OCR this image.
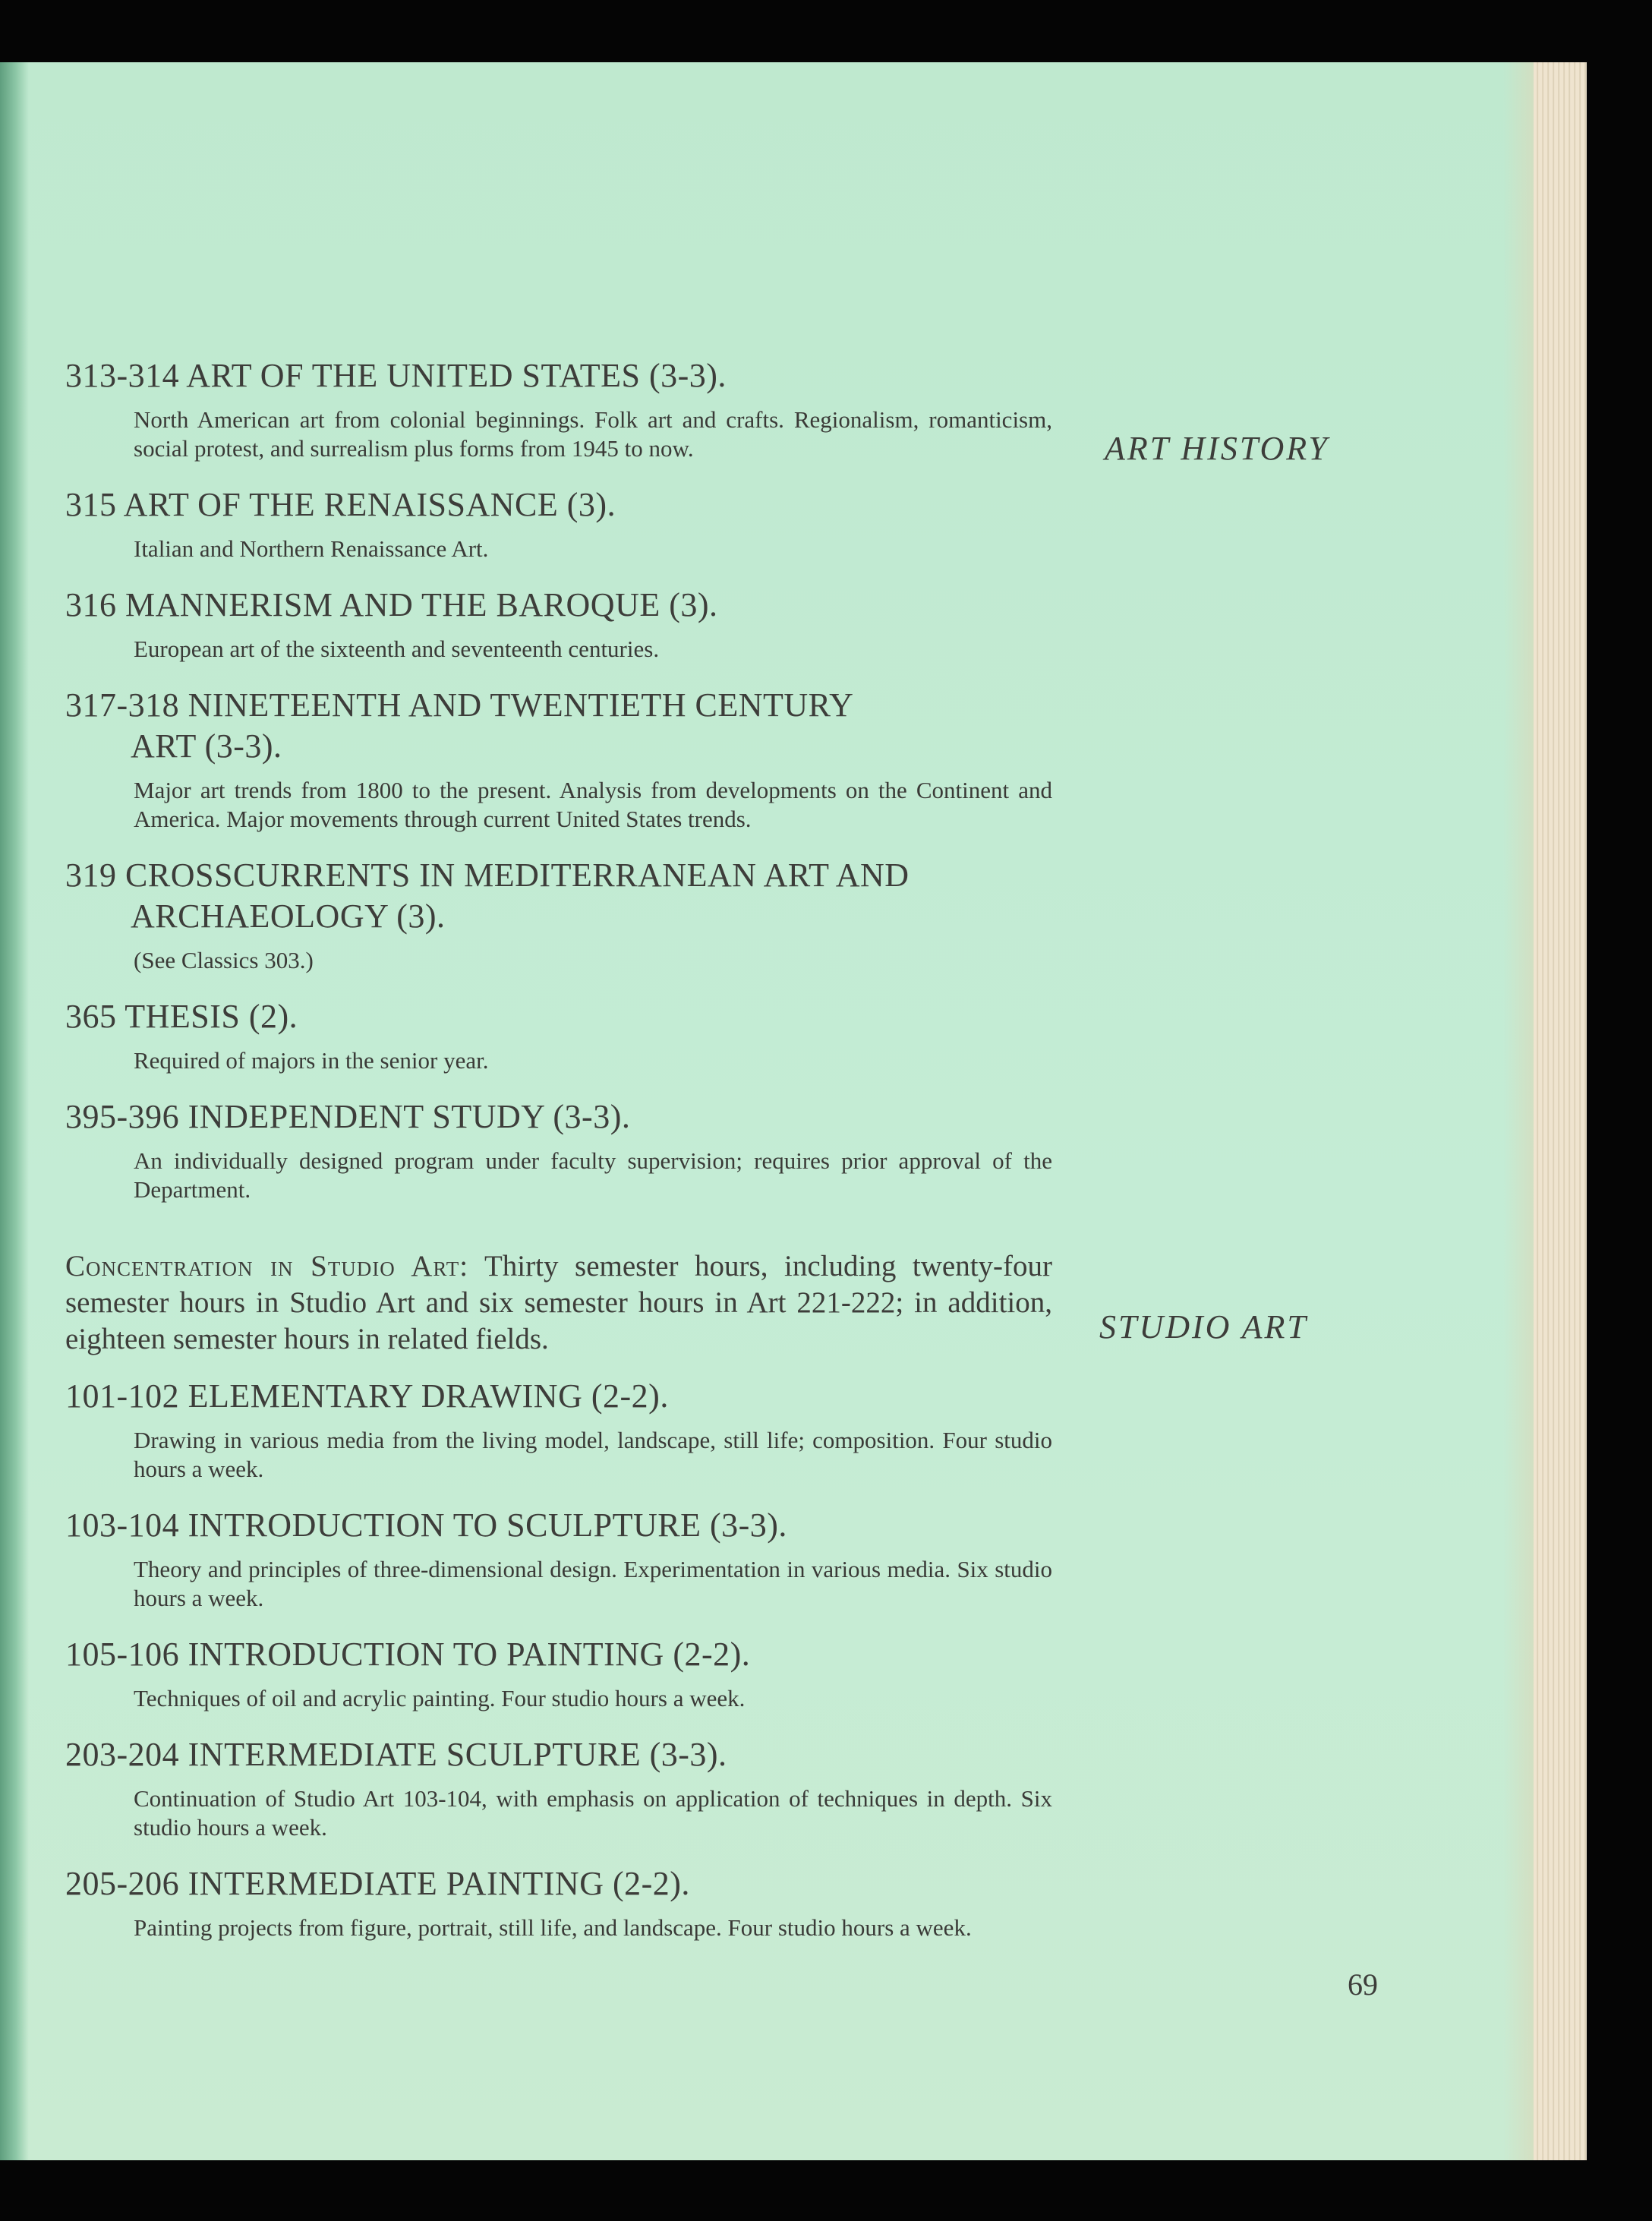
313-314 ART OF THE UNITED STATES (3-3).
North American art from colonial beginnings. Folk art and crafts. Regionalism, romanticism, social protest, and surrealism plus forms from 1945 to now.
315 ART OF THE RENAISSANCE (3).
Italian and Northern Renaissance Art.
316 MANNERISM AND THE BAROQUE (3).
European art of the sixteenth and seventeenth centuries.
317-318 NINETEENTH AND TWENTIETH CENTURY
ART (3-3).
Major art trends from 1800 to the present. Analysis from developments on the Continent and America. Major movements through current United States trends.
319 CROSSCURRENTS IN MEDITERRANEAN ART AND
ARCHAEOLOGY (3).
(See Classics 303.)
365 THESIS (2).
Required of majors in the senior year.
395-396 INDEPENDENT STUDY (3-3).
An individually designed program under faculty supervision; requires prior approval of the Department.
Concentration in Studio Art: Thirty semester hours, including twenty-four semester hours in Studio Art and six semester hours in Art 221-222; in addition, eighteen semester hours in related fields.
101-102 ELEMENTARY DRAWING (2-2).
Drawing in various media from the living model, landscape, still life; composition. Four studio hours a week.
103-104 INTRODUCTION TO SCULPTURE (3-3).
Theory and principles of three-dimensional design. Experimentation in various media. Six studio hours a week.
105-106 INTRODUCTION TO PAINTING (2-2).
Techniques of oil and acrylic painting. Four studio hours a week.
203-204 INTERMEDIATE SCULPTURE (3-3).
Continuation of Studio Art 103-104, with emphasis on application of techniques in depth. Six studio hours a week.
205-206 INTERMEDIATE PAINTING (2-2).
Painting projects from figure, portrait, still life, and landscape. Four studio hours a week.
ART HISTORY
STUDIO ART
69
